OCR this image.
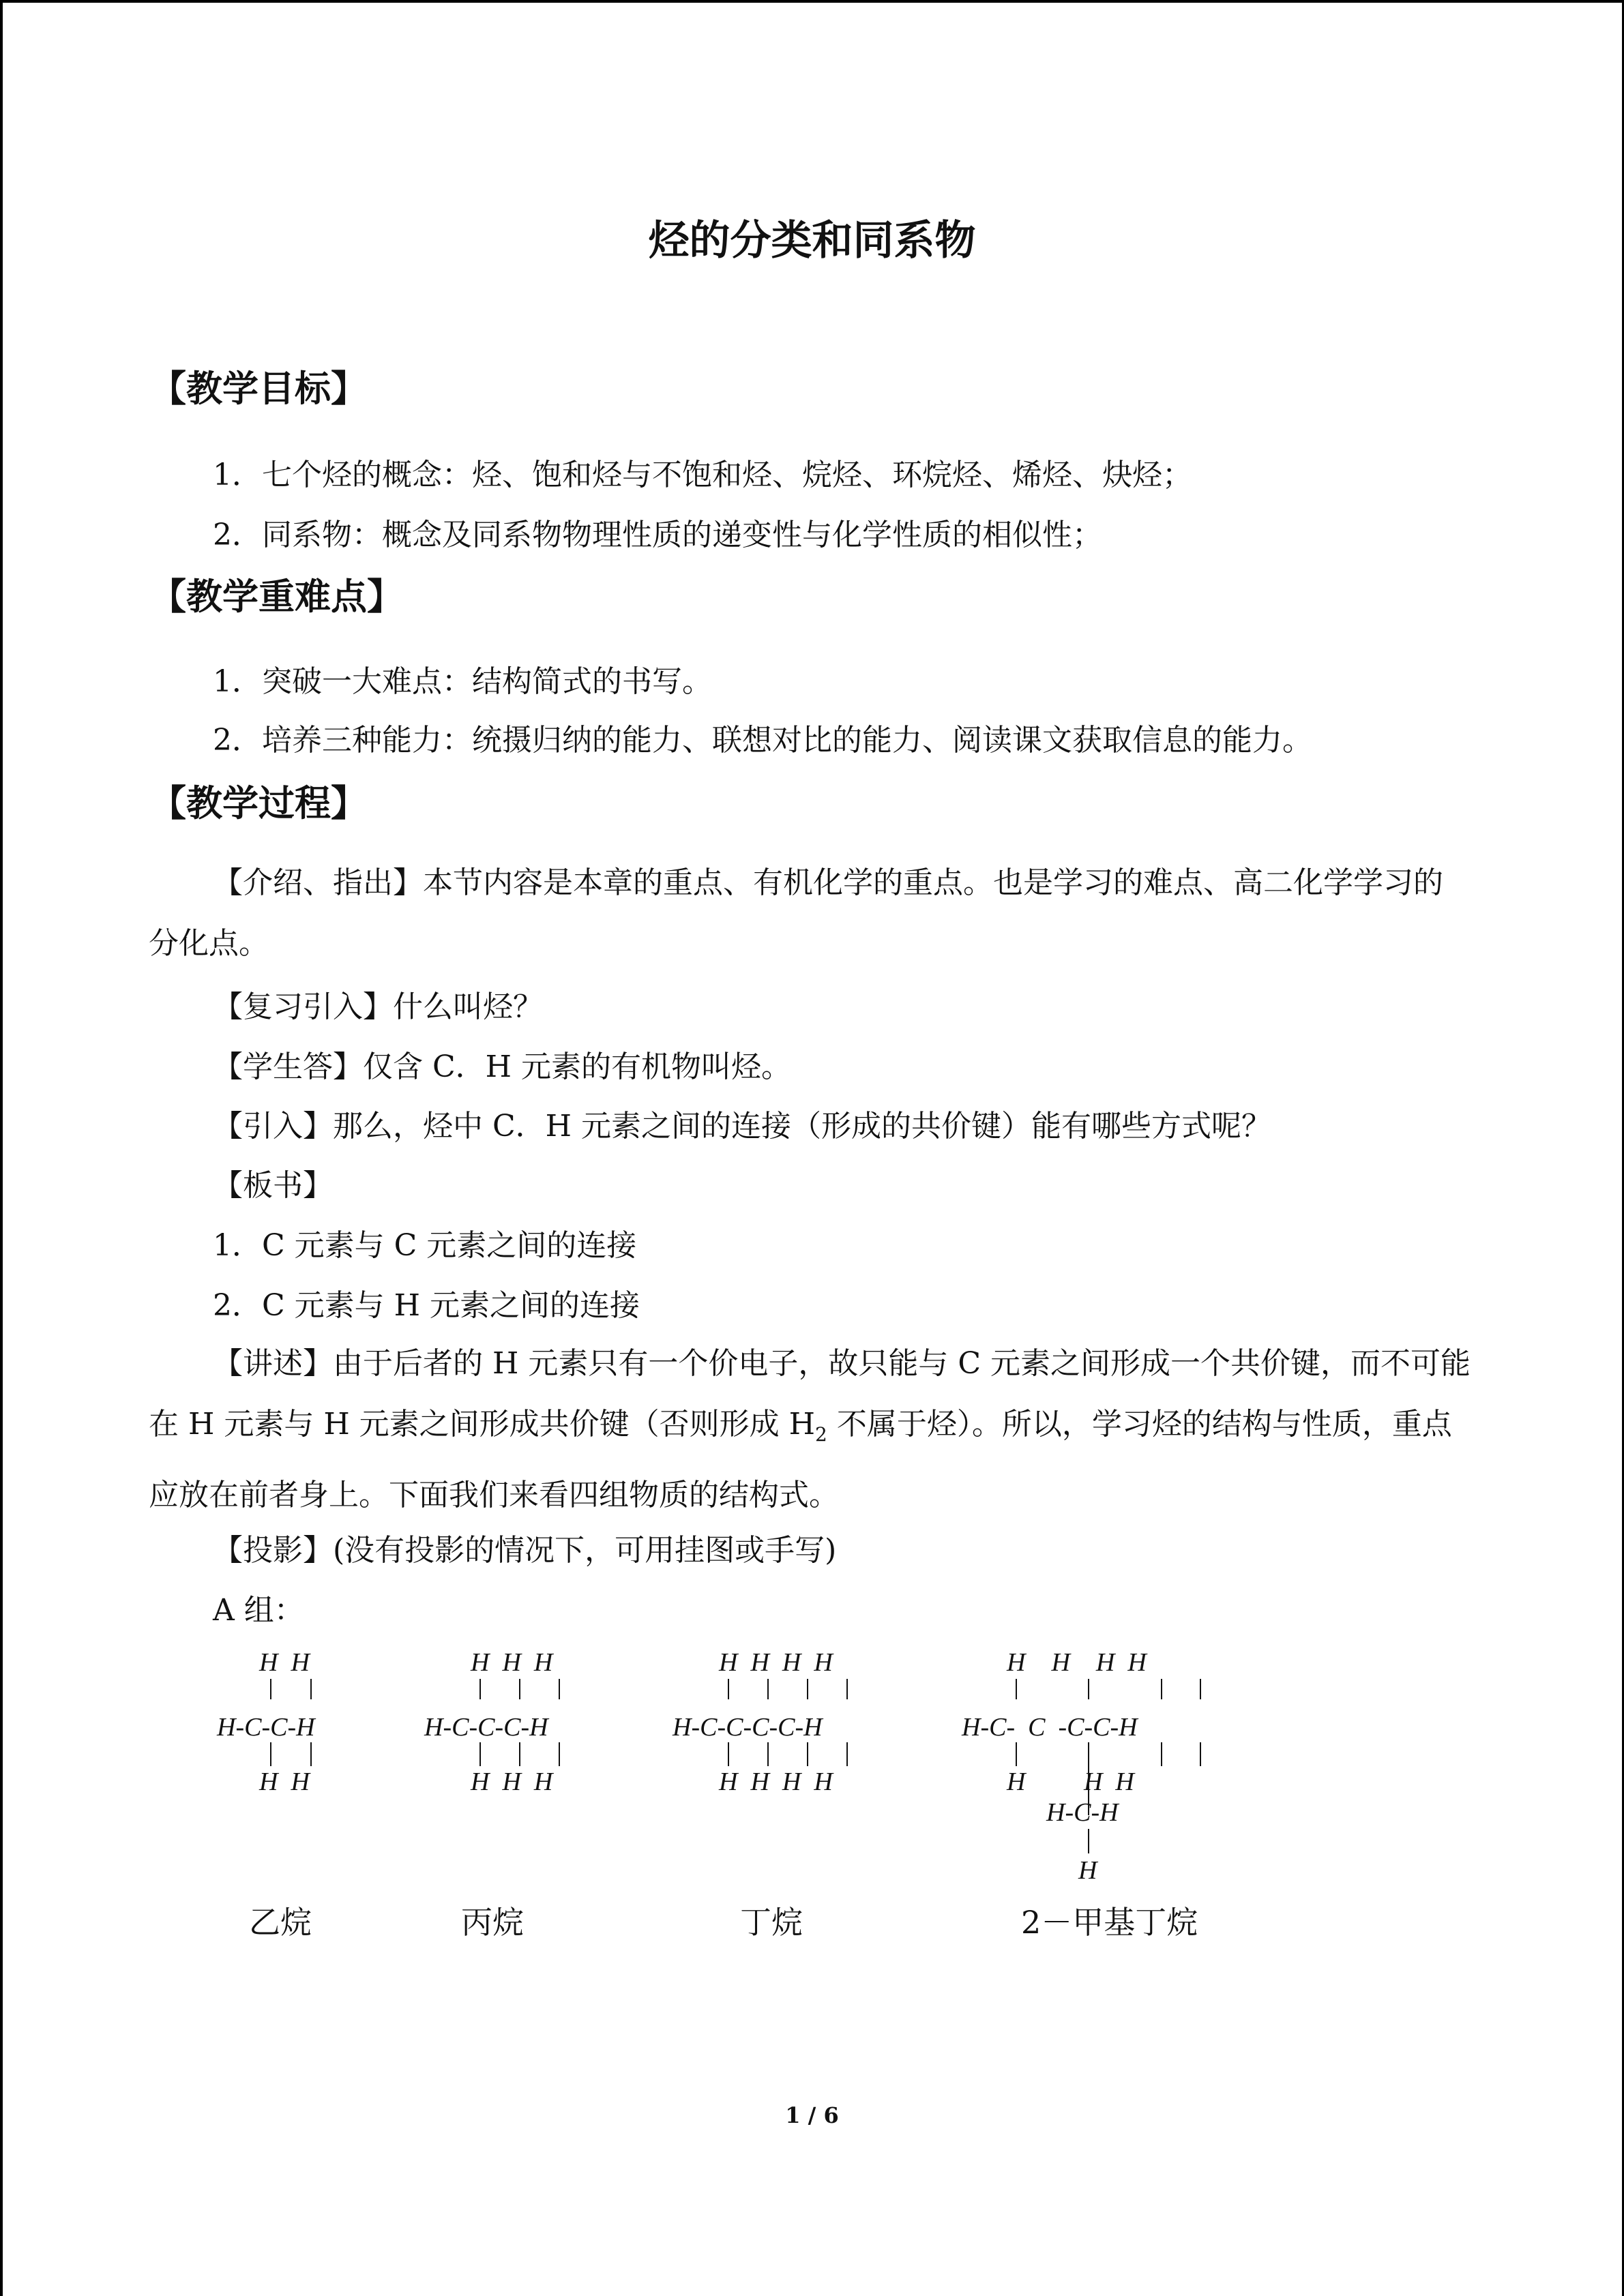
烃的分类和同系物
【教学目标】
1．七个烃的概念：烃、饱和烃与不饱和烃、烷烃、环烷烃、烯烃、炔烃；
2．同系物：概念及同系物物理性质的递变性与化学性质的相似性；
【教学重难点】
1．突破一大难点：结构简式的书写。
2．培养三种能力：统摄归纳的能力、联想对比的能力、阅读课文获取信息的能力。
【教学过程】
【介绍、指出】本节内容是本章的重点、有机化学的重点。也是学习的难点、高二化学学习的分化点。
【复习引入】什么叫烃？
【学生答】仅含 C．H 元素的有机物叫烃。
【引入】那么，烃中 C．H 元素之间的连接（形成的共价键）能有哪些方式呢？
【板书】
1．C 元素与 C 元素之间的连接
2．C 元素与 H 元素之间的连接
【讲述】由于后者的 H 元素只有一个价电子，故只能与 C 元素之间形成一个共价键，而不可能在 H 元素与 H 元素之间形成共价键（否则形成 $H_2$ 不属于烃）。所以，学习烃的结构与性质，重点应放在前者身上。下面我们来看四组物质的结构式。
【投影】(没有投影的情况下，可用挂图或手写)
A 组：
H  H
H-C-C-H
H  H
H  H  H
H-C-C-C-H
H  H  H
H  H  H  H
H-C-C-C-C-H
H  H  H  H
H    H    H  H
H-C-  C  -C-C-H
H         H  H
H-C-H
H
乙烷	丙烷	丁烷	2－甲基丁烷
1 / 6
